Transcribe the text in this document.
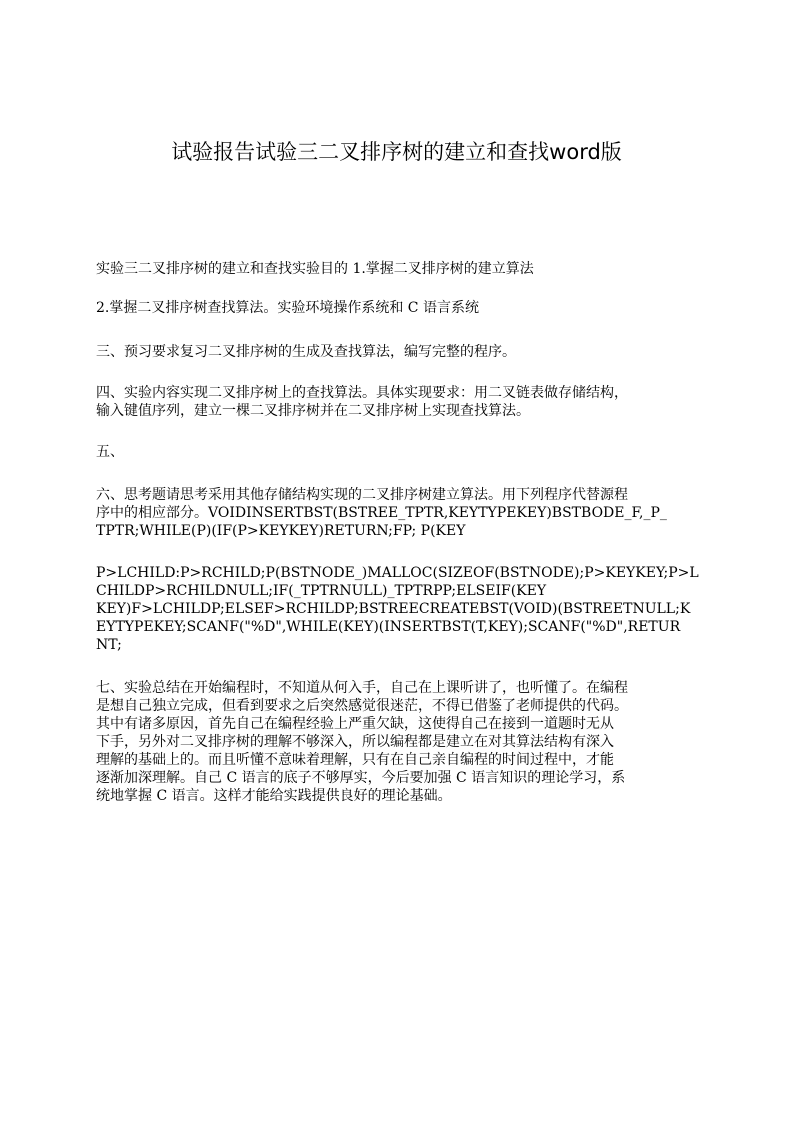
试验报告试验三二叉排序树的建立和查找word版

实验三二叉排序树的建立和查找实验目的 1.掌握二叉排序树的建立算法

2.掌握二叉排序树查找算法。实验环境操作系统和 C 语言系统

三、预习要求复习二叉排序树的生成及查找算法，编写完整的程序。

四、实验内容实现二叉排序树上的查找算法。具体实现要求：用二叉链表做存储结构，
输入键值序列，建立一棵二叉排序树并在二叉排序树上实现查找算法。

五、

六、思考题请思考采用其他存储结构实现的二叉排序树建立算法。用下列程序代替源程
序中的相应部分。VOIDINSERTBST(BSTREE_TPTR,KEYTYPEKEY)BSTBODE_F,_P_
TPTR;WHILE(P)(IF(P>KEYKEY)RETURN;FP; P(KEY

P>LCHILD:P>RCHILD;P(BSTNODE_)MALLOC(SIZEOF(BSTNODE);P>KEYKEY;P>L
CHILDP>RCHILDNULL;IF(_TPTRNULL)_TPTRPP;ELSEIF(KEY
KEY)F>LCHILDP;ELSEF>RCHILDP;BSTREECREATEBST(VOID)(BSTREETNULL;K
EYTYPEKEY;SCANF("%D",WHILE(KEY)(INSERTBST(T,KEY);SCANF("%D",RETUR
NT;

七、实验总结在开始编程时，不知道从何入手，自己在上课听讲了，也听懂了。在编程
是想自己独立完成，但看到要求之后突然感觉很迷茫，不得已借鉴了老师提供的代码。
其中有诸多原因，首先自己在编程经验上严重欠缺，这使得自己在接到一道题时无从
下手，另外对二叉排序树的理解不够深入，所以编程都是建立在对其算法结构有深入
理解的基础上的。而且听懂不意味着理解，只有在自己亲自编程的时间过程中，才能
逐渐加深理解。自己 C 语言的底子不够厚实，今后要加强 C 语言知识的理论学习，系
统地掌握 C 语言。这样才能给实践提供良好的理论基础。
